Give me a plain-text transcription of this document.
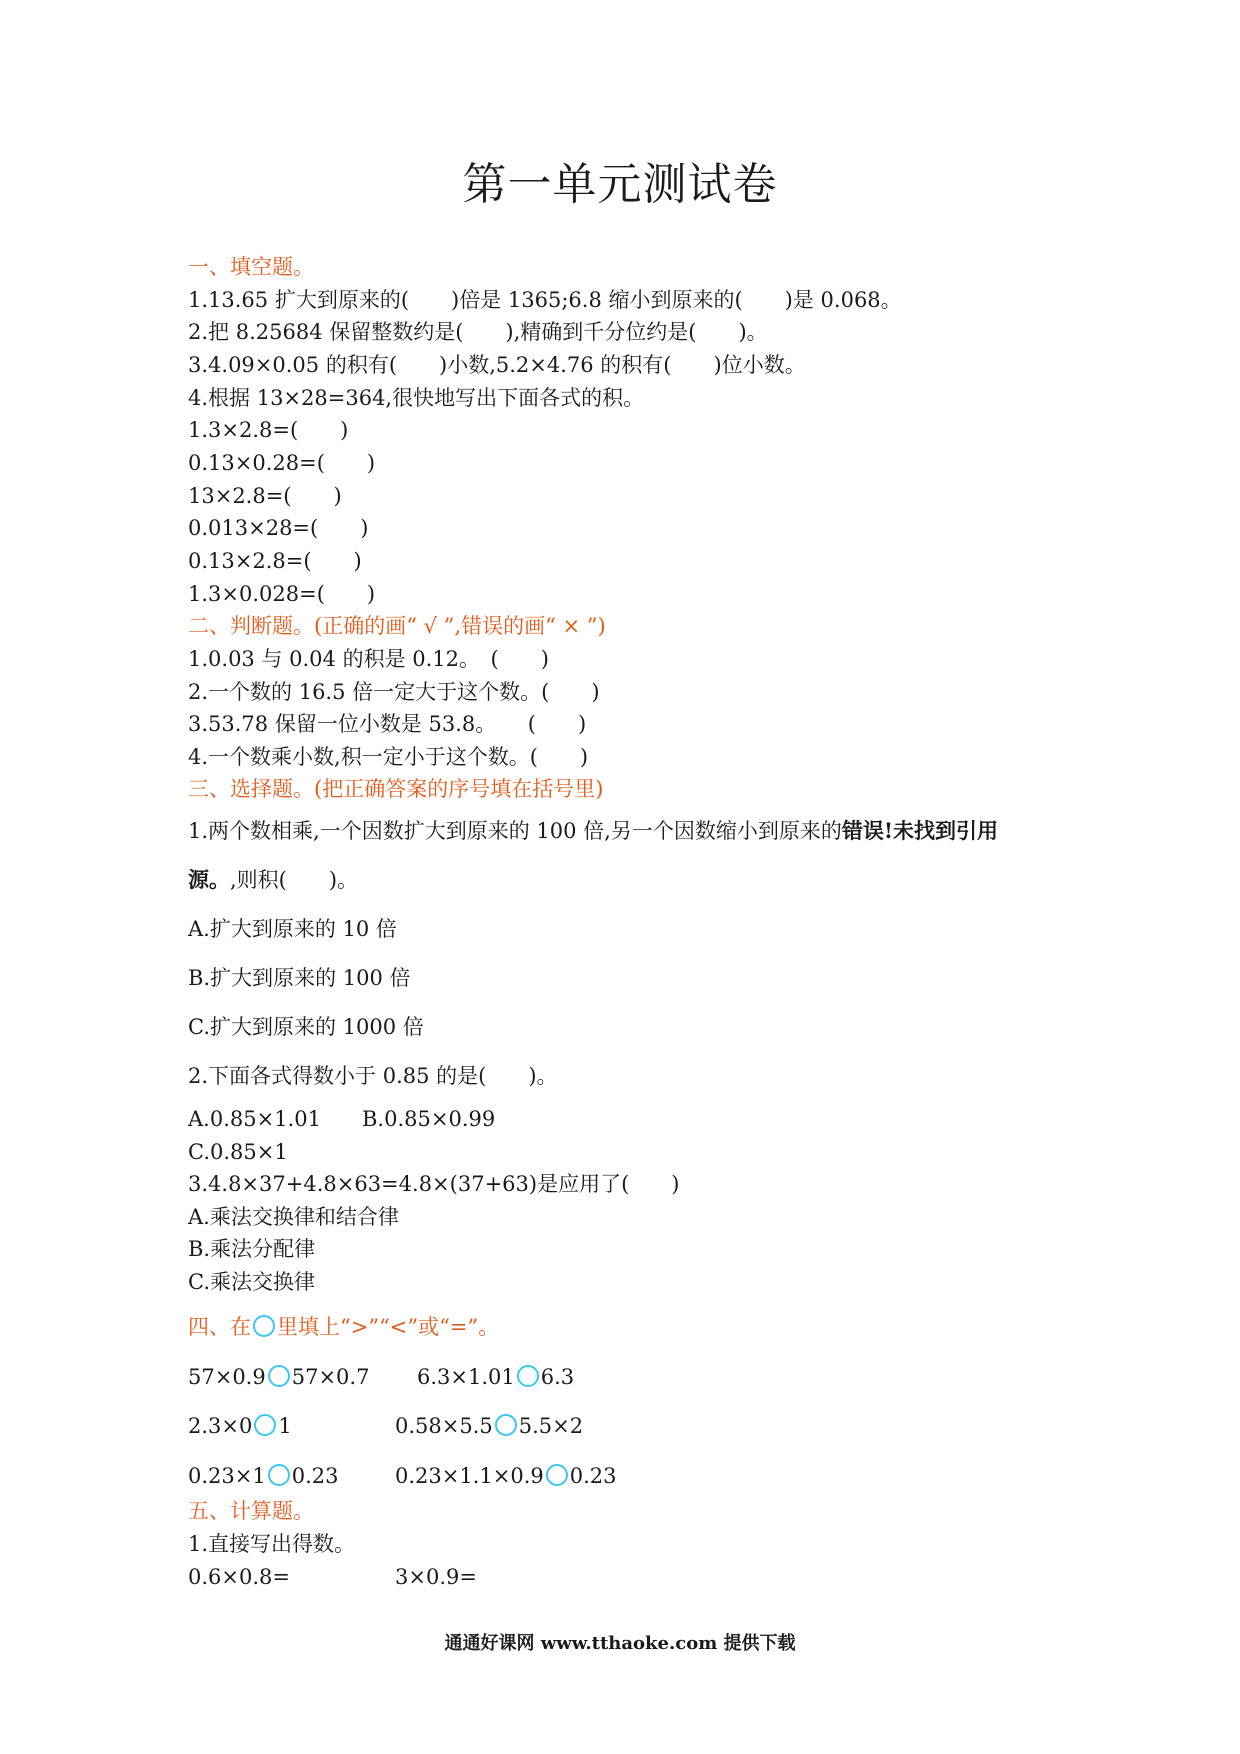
第一单元测试卷
一、填空题。
1.13.65 扩大到原来的(　　)倍是 1365;6.8 缩小到原来的(　　)是 0.068。
2.把 8.25684 保留整数约是(　　),精确到千分位约是(　　)。
3.4.09×0.05 的积有(　　)小数,5.2×4.76 的积有(　　)位小数。
4.根据 13×28=364,很快地写出下面各式的积。
1.3×2.8=(　　)
0.13×0.28=(　　)
13×2.8=(　　)
0.013×28=(　　)
0.13×2.8=(　　)
1.3×0.028=(　　)
二、判断题。(正确的画“ √ ”,错误的画“ × ”)
1.0.03 与 0.04 的积是 0.12。　(　　)
2.一个数的 16.5 倍一定大于这个数。(　　)
3.53.78 保留一位小数是 53.8。　　(　　)
4.一个数乘小数,积一定小于这个数。(　　)
三、选择题。(把正确答案的序号填在括号里)
1.两个数相乘,一个因数扩大到原来的 100 倍,另一个因数缩小到原来的错误!未找到引用
源。,则积(　　)。
A.扩大到原来的 10 倍
B.扩大到原来的 100 倍
C.扩大到原来的 1000 倍
2.下面各式得数小于 0.85 的是(　　)。
A.0.85×1.01 B.0.85×0.99
C.0.85×1
3.4.8×37+4.8×63=4.8×(37+63)是应用了(　　)
A.乘法交换律和结合律
B.乘法分配律
C.乘法交换律
四、在 里填上“>”“<”或“=”。
57×0.9 57×0.7 6.3×1.01 6.3
2.3×0 1	0.58×5.5 5.5×2
0.23×1 0.23	0.23×1.1×0.9 0.23
五、计算题。
1.直接写出得数。
0.6×0.8=	3×0.9=
通通好课网 www.tthaoke.com 提供下载
